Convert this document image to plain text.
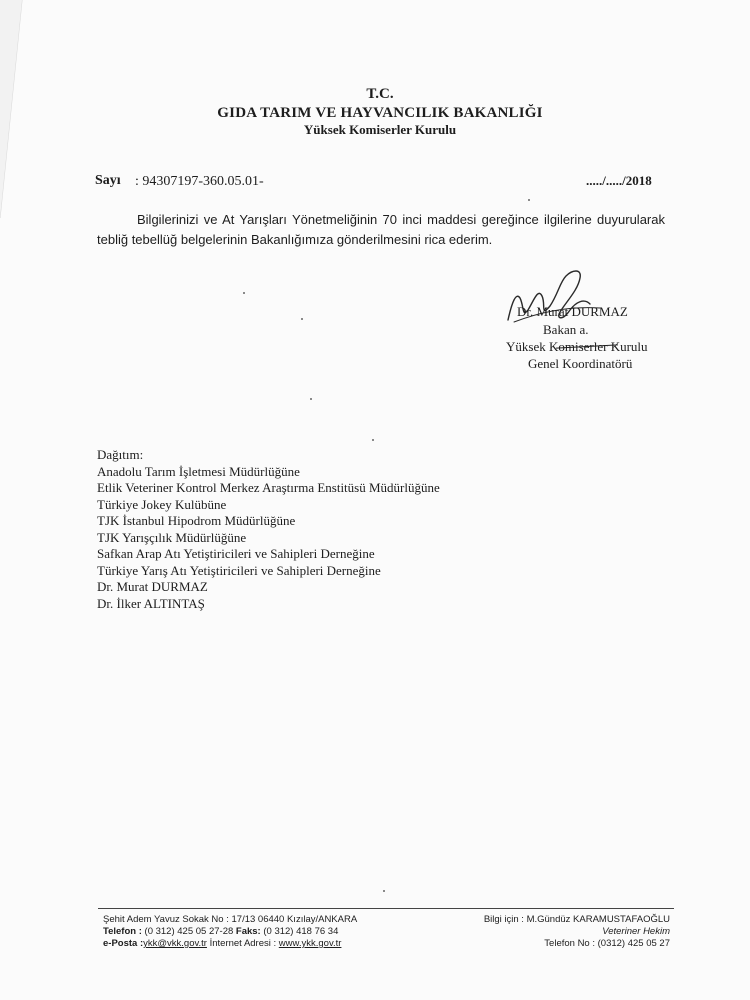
T.C.
GIDA TARIM VE HAYVANCILIK BAKANLIĞI
Yüksek Komiserler Kurulu
Sayı : 94307197-360.05.01-	...../...../2018

Bilgilerinizi ve At Yarışları Yönetmeliğinin 70 inci maddesi gereğince ilgilerine duyurularak tebliğ tebellüğ belgelerinin Bakanlığımıza gönderilmesini rica ederim.

Dr. Murat DURMAZ
Bakan a.
Yüksek Komiserler Kurulu
Genel Koordinatörü
Dağıtım:
Anadolu Tarım İşletmesi Müdürlüğüne
Etlik Veteriner Kontrol Merkez Araştırma Enstitüsü Müdürlüğüne
Türkiye Jokey Kulübüne
TJK İstanbul Hipodrom Müdürlüğüne
TJK Yarışçılık Müdürlüğüne
Safkan Arap Atı Yetiştiricileri ve Sahipleri Derneğine
Türkiye Yarış Atı Yetiştiricileri ve Sahipleri Derneğine
Dr. Murat DURMAZ
Dr. İlker ALTINTAŞ
Şehit Adem Yavuz Sokak No : 17/13 06440 Kızılay/ANKARA
Telefon : (0 312) 425 05 27-28 Faks: (0 312) 418 76 34
e-Posta :ykk@vkk.gov.tr İnternet Adresi : www.ykk.gov.tr
Bilgi için : M.Gündüz KARAMUSTAFAOĞLU
Veteriner Hekim
Telefon No : (0312) 425 05 27
